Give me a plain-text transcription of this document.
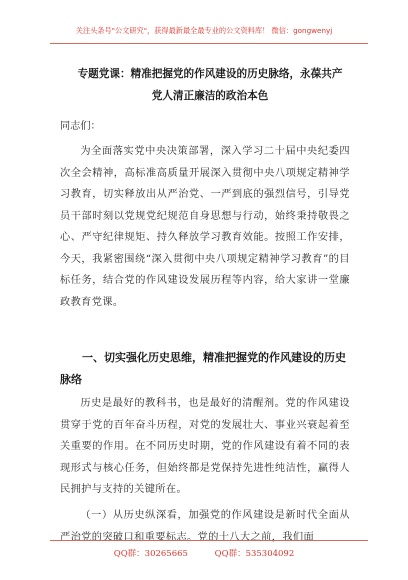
关注头条号"公文研究"，获得最新最全最专业的公文资料库！ 微信：gongwenyj
专题党课：精准把握党的作风建设的历史脉络，永葆共产
党人清正廉洁的政治本色
同志们：
为全面落实党中央决策部署，深入学习二十届中央纪委四次全会精神，高标准高质量开展深入贯彻中央八项规定精神学习教育，切实释放出从严治党、一严到底的强烈信号，引导党员干部时刻以党规党纪规范自身思想与行动，始终秉持敬畏之心、严守纪律规矩、持久释放学习教育效能。按照工作安排，今天，我紧密围绕“深入贯彻中央八项规定精神学习教育”的目标任务，结合党的作风建设发展历程等内容，给大家讲一堂廉政教育党课。
一、切实强化历史思维，精准把握党的作风建设的历史脉络
历史是最好的教科书，也是最好的清醒剂。党的作风建设贯穿于党的百年奋斗历程，对党的发展壮大、事业兴衰起着至关重要的作用。在不同历史时期，党的作风建设有着不同的表现形式与核心任务，但始终都是党保持先进性纯洁性，赢得人民拥护与支持的关键所在。
（一）从历史纵深看，加强党的作风建设是新时代全面从严治党的突破口和重要标志。党的十八大之前，我们面
QQ群：30265665	QQ群：535304092
